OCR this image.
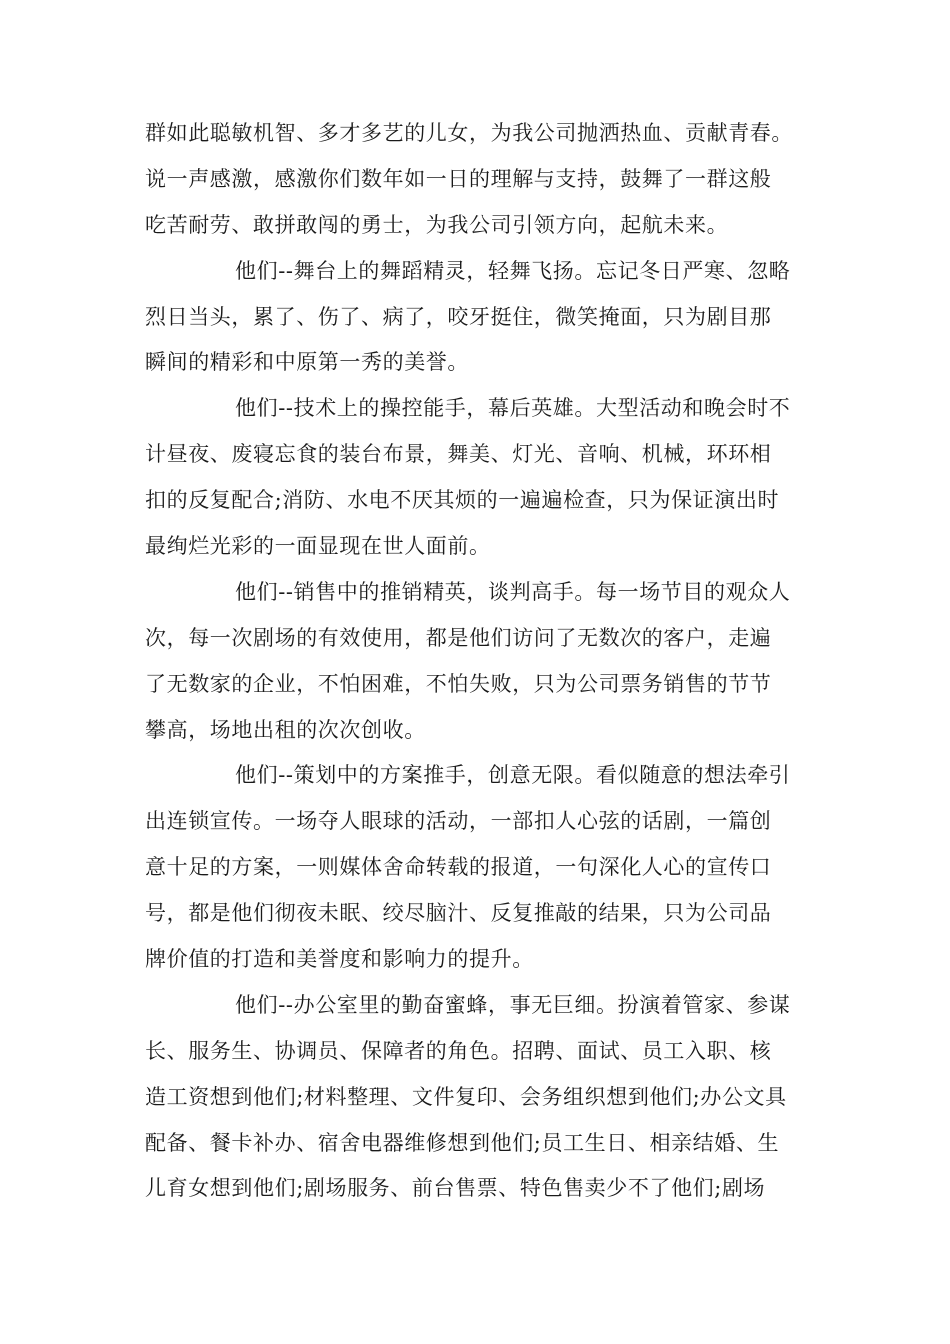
群如此聪敏机智、多才多艺的儿女，为我公司抛洒热血、贡献青春。
说一声感激，感激你们数年如一日的理解与支持，鼓舞了一群这般
吃苦耐劳、敢拼敢闯的勇士，为我公司引领方向，起航未来。
他们--舞台上的舞蹈精灵，轻舞飞扬。忘记冬日严寒、忽略
烈日当头，累了、伤了、病了，咬牙挺住，微笑掩面，只为剧目那
瞬间的精彩和中原第一秀的美誉。
他们--技术上的操控能手，幕后英雄。大型活动和晚会时不
计昼夜、废寝忘食的装台布景，舞美、灯光、音响、机械，环环相
扣的反复配合;消防、水电不厌其烦的一遍遍检查，只为保证演出时
最绚烂光彩的一面显现在世人面前。
他们--销售中的推销精英，谈判高手。每一场节目的观众人
次，每一次剧场的有效使用，都是他们访问了无数次的客户，走遍
了无数家的企业，不怕困难，不怕失败，只为公司票务销售的节节
攀高，场地出租的次次创收。
他们--策划中的方案推手，创意无限。看似随意的想法牵引
出连锁宣传。一场夺人眼球的活动，一部扣人心弦的话剧，一篇创
意十足的方案，一则媒体舍命转载的报道，一句深化人心的宣传口
号，都是他们彻夜未眠、绞尽脑汁、反复推敲的结果，只为公司品
牌价值的打造和美誉度和影响力的提升。
他们--办公室里的勤奋蜜蜂，事无巨细。扮演着管家、参谋
长、服务生、协调员、保障者的角色。招聘、面试、员工入职、核
造工资想到他们;材料整理、文件复印、会务组织想到他们;办公文具
配备、餐卡补办、宿舍电器维修想到他们;员工生日、相亲结婚、生
儿育女想到他们;剧场服务、前台售票、特色售卖少不了他们;剧场
